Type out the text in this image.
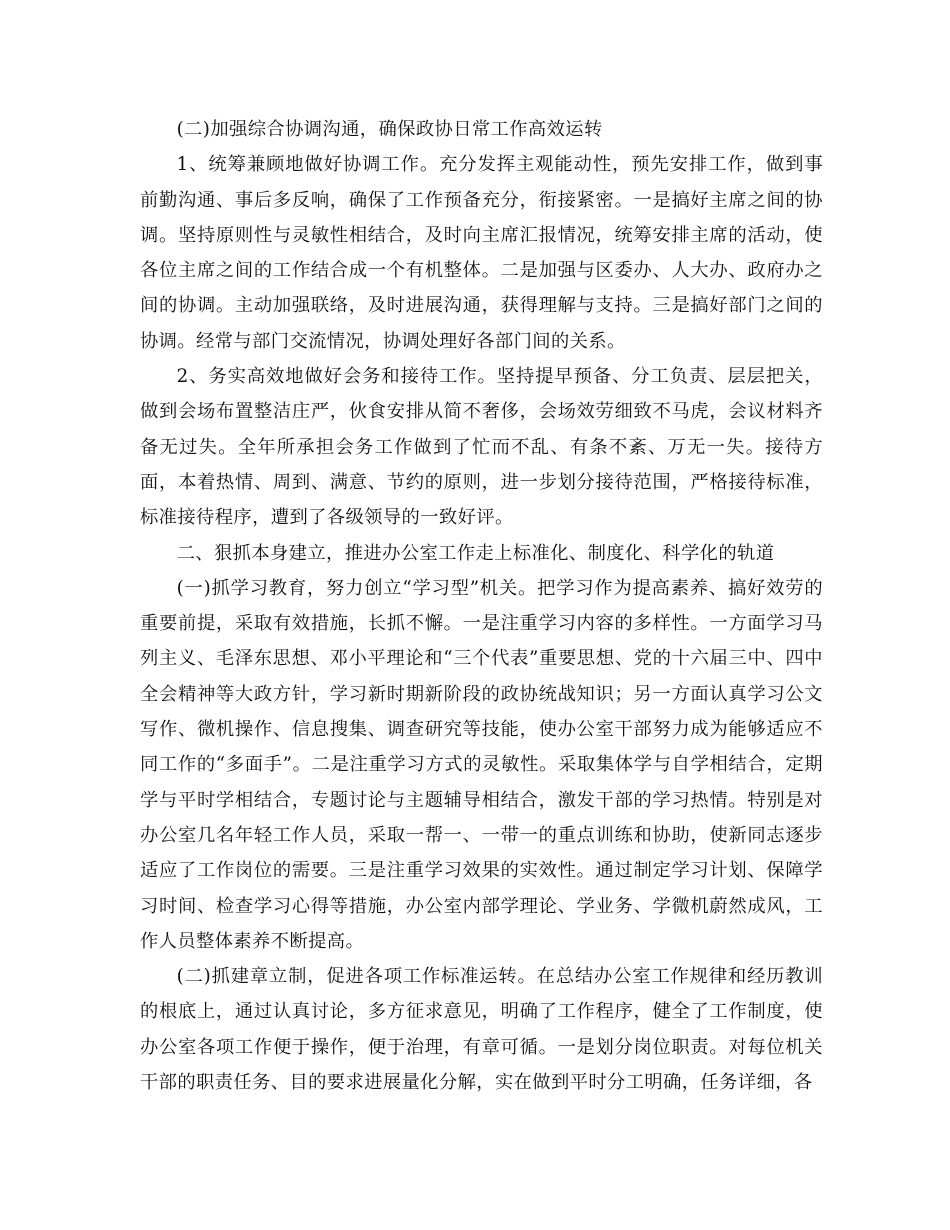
(二)加强综合协调沟通，确保政协日常工作高效运转

1、统筹兼顾地做好协调工作。充分发挥主观能动性，预先安排工作，做到事前勤沟通、事后多反响，确保了工作预备充分，衔接紧密。一是搞好主席之间的协调。坚持原则性与灵敏性相结合，及时向主席汇报情况，统筹安排主席的活动，使各位主席之间的工作结合成一个有机整体。二是加强与区委办、人大办、政府办之间的协调。主动加强联络，及时进展沟通，获得理解与支持。三是搞好部门之间的协调。经常与部门交流情况，协调处理好各部门间的关系。

2、务实高效地做好会务和接待工作。坚持提早预备、分工负责、层层把关，做到会场布置整洁庄严，伙食安排从简不奢侈，会场效劳细致不马虎，会议材料齐备无过失。全年所承担会务工作做到了忙而不乱、有条不紊、万无一失。接待方面，本着热情、周到、满意、节约的原则，进一步划分接待范围，严格接待标准，标准接待程序，遭到了各级领导的一致好评。

二、狠抓本身建立，推进办公室工作走上标准化、制度化、科学化的轨道

(一)抓学习教育，努力创立“学习型”机关。把学习作为提高素养、搞好效劳的重要前提，采取有效措施，长抓不懈。一是注重学习内容的多样性。一方面学习马列主义、毛泽东思想、邓小平理论和“三个代表”重要思想、党的十六届三中、四中全会精神等大政方针，学习新时期新阶段的政协统战知识；另一方面认真学习公文写作、微机操作、信息搜集、调查研究等技能，使办公室干部努力成为能够适应不同工作的“多面手”。二是注重学习方式的灵敏性。采取集体学与自学相结合，定期学与平时学相结合，专题讨论与主题辅导相结合，激发干部的学习热情。特别是对办公室几名年轻工作人员，采取一帮一、一带一的重点训练和协助，使新同志逐步适应了工作岗位的需要。三是注重学习效果的实效性。通过制定学习计划、保障学习时间、检查学习心得等措施，办公室内部学理论、学业务、学微机蔚然成风，工作人员整体素养不断提高。

(二)抓建章立制，促进各项工作标准运转。在总结办公室工作规律和经历教训的根底上，通过认真讨论，多方征求意见，明确了工作程序，健全了工作制度，使办公室各项工作便于操作，便于治理，有章可循。一是划分岗位职责。对每位机关干部的职责任务、目的要求进展量化分解，实在做到平时分工明确，任务详细，各
